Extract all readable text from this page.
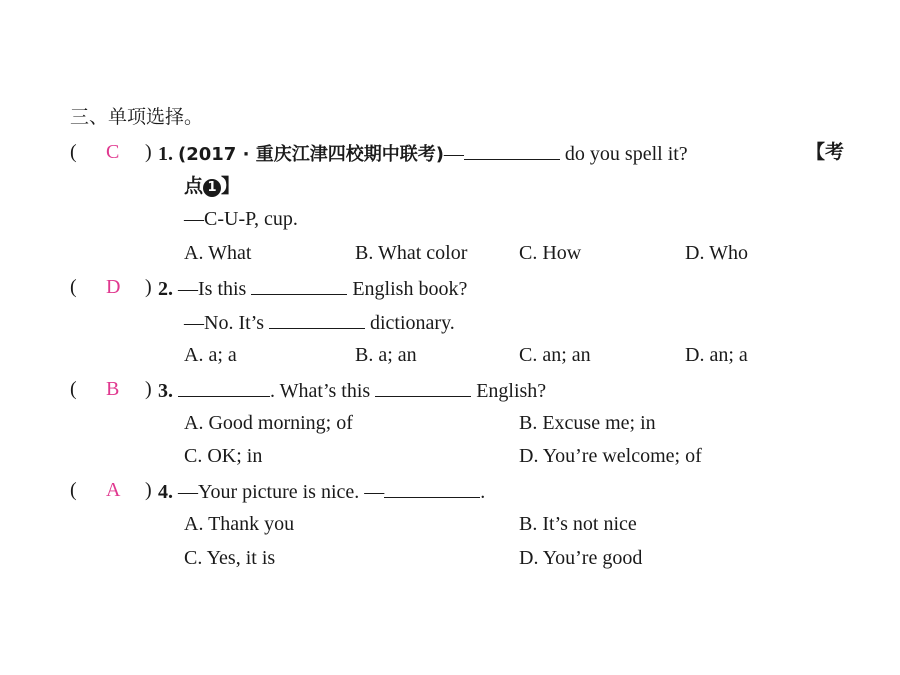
三、单项选择。
( C ) 1. (2017 · 重庆江津四校期中联考)—	do you spell it?	【考
点 1 】
—C-U-P, cup.
A. What	B. What color	C. How	D. Who
( D ) 2. —Is this	English book?
—No. It’s	dictionary.
A. a; a	B. a; an	C. an; an	D. an; a
( B ) 3.	. What’s this	English?
A. Good morning; of	B. Excuse me; in
C. OK; in	D. You’re welcome; of
( A ) 4. —Your picture is nice. —	.
A. Thank you	B. It’s not nice
C. Yes, it is	D. You’re good
